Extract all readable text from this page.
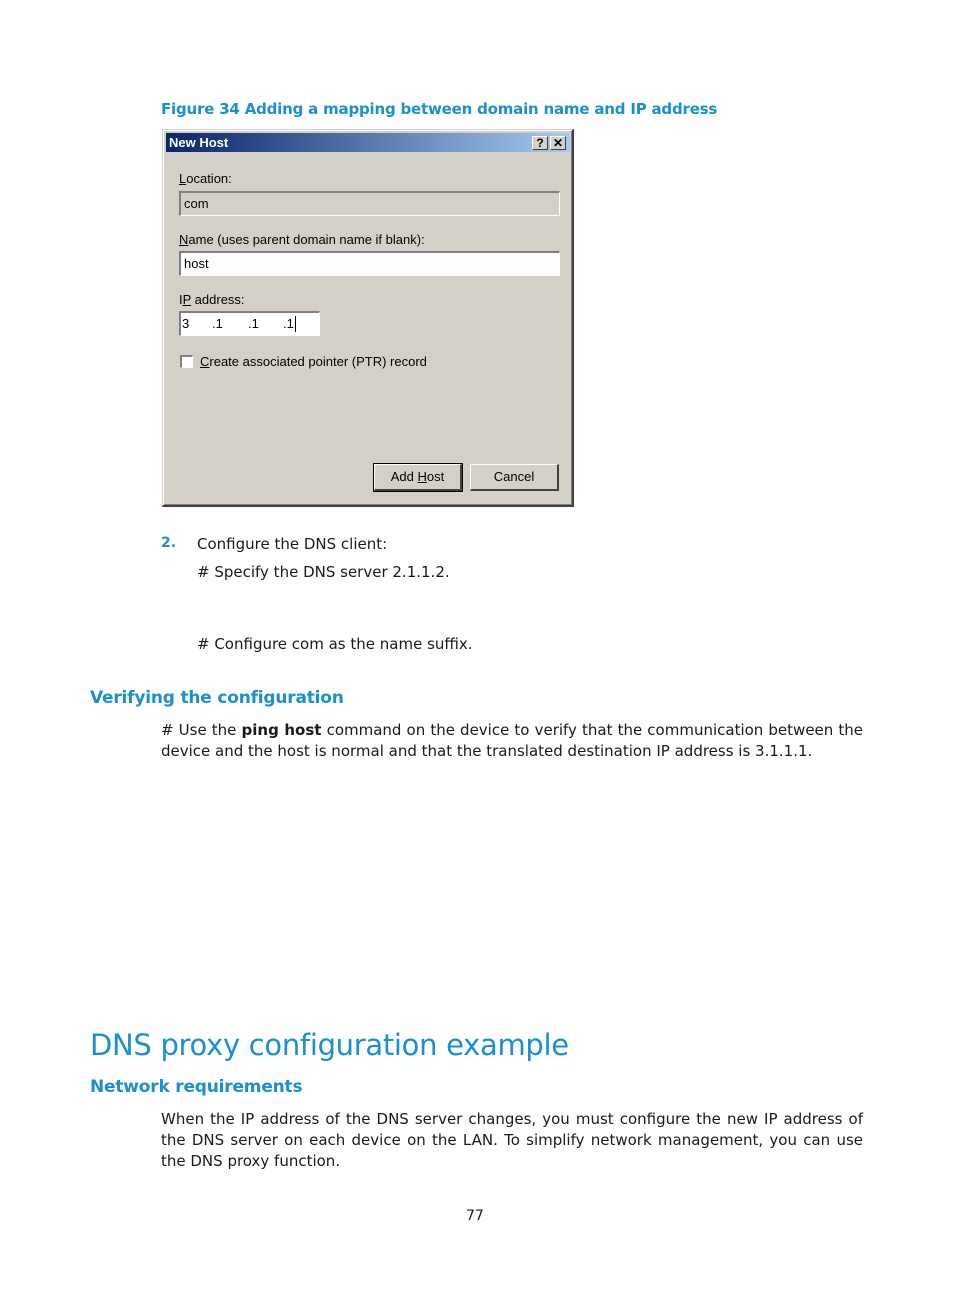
Figure 34 Adding a mapping between domain name and IP address
New Host	? ✕
Location:
com
Name (uses parent domain name if blank):
host
IP address:
3 .1 .1 .1
Create associated pointer (PTR) record
Add Host	Cancel
2. Configure the DNS client:
# Specify the DNS server 2.1.1.2.
# Configure com as the name suffix.
Verifying the configuration
# Use the ping host command on the device to verify that the communication between the device and the host is normal and that the translated destination IP address is 3.1.1.1.
DNS proxy configuration example
Network requirements
When the IP address of the DNS server changes, you must configure the new IP address of the DNS server on each device on the LAN. To simplify network management, you can use the DNS proxy function.
77
